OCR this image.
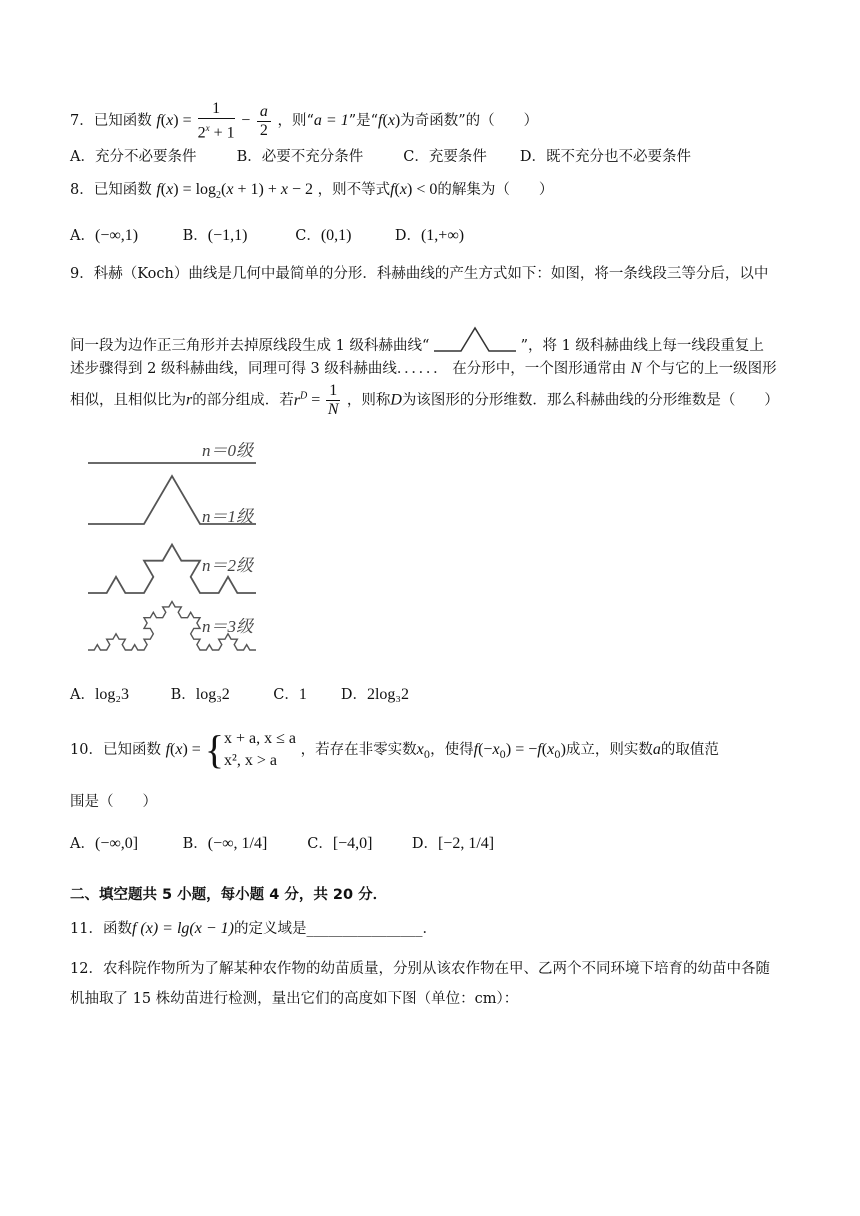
7．已知函数 $f(x) = \frac{1}{2^x + 1} - \frac{a}{2}$ ，则“a = 1”是“f(x)为奇函数”的（　　）
A．充分不必要条件	B．必要不充分条件	C．充要条件 D．既不充分也不必要条件
8．已知函数 $f(x) = \log_2(x + 1) + x - 2$ ，则不等式f(x) < 0的解集为（　　）
A．(−∞,1)	B．(−1,1)	C．(0,1)	D．(1,+∞)
9．科赫（Koch）曲线是几何中最简单的分形．科赫曲线的产生方式如下：如图，将一条线段三等分后，以中
间一段为边作正三角形并去掉原线段生成 1 级科赫曲线“	”，将 1 级科赫曲线上每一线段重复上
述步骤得到 2 级科赫曲线，同理可得 3 级科赫曲线．．．．．． 在分形中，一个图形通常由 N 个与它的上一级图形
相似，且相似比为r的部分组成．若$r^D = \frac{1}{N}$ ，则称D为该图形的分形维数．那么科赫曲线的分形维数是（　　）
n＝0级
n＝1级
n＝2级
n＝3级
A．log₂3	B．log₃2	C．1 D．2log₃2
10．已知函数 f(x) = { x + a, x ≤ a
x², x > a
，若存在非零实数$x_0$，使得$f(-x_0) = -f(x_0)$成立，则实数a的取值范
围是（　　）
A．(−∞,0]	B．(−∞, 1/4]	C．[−4,0]	D．[−2, 1/4]
二、填空题共 5 小题，每小题 4 分，共 20 分．
11．函数f (x) = lg(x − 1)的定义域是________________．
12．农科院作物所为了解某种农作物的幼苗质量，分别从该农作物在甲、乙两个不同环境下培育的幼苗中各随
机抽取了 15 株幼苗进行检测，量出它们的高度如下图（单位：cm）：
